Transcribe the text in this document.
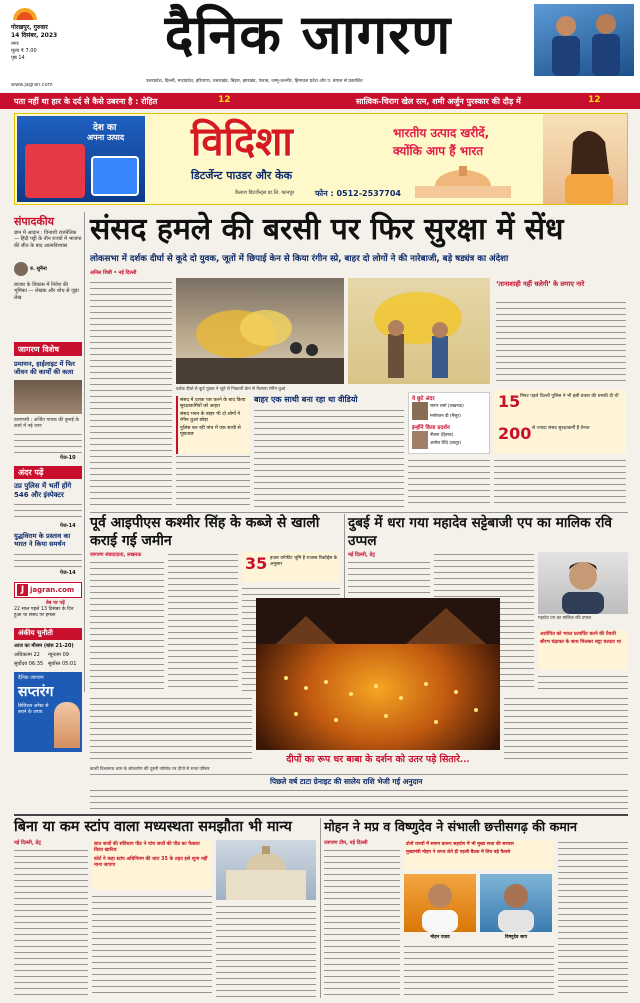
गोरखपुर, गुरुवार
14 दिसंबर, 2023
नगर
मूल्य ₹ 7.00
पृष्ठ 14	दैनिक जागरण
www.jagran.com
उत्तरप्रदेश, दिल्ली, मध्यप्रदेश, हरियाणा, उत्तराखंड, बिहार, झारखंड, पंजाब, जम्मू-कश्मीर, हिमाचल प्रदेश और प. बंगाल से प्रकाशित
पता नहीं था हार के दर्द से कैसे उबरना है : रोहित	12	सात्विक-चिराग खेल रत्न, शमी अर्जुन पुरस्कार की दौड़ में	12
देश का
अपना उत्पाद विदिशा
डिटर्जेन्ट पाउडर और केक
कैलाश डिटर्जेन्ट्स प्रा.लि. कानपुर	फोन : 0512-2537704
भारतीय उत्पाद खरीदें,
क्योंकि आप हैं भारत
संपादकीय
ज्ञान में आदान : विनाशी राजनैतिक — हिंदी पट्टी के तीन राज्यों में भाजपा की जीत के बाद आत्मविश्वास
रु. सुनैना
बाजार के विकास में निवेश की भूमिका — लेखक और शोध से जुड़ा लेख
जागरण विशेष
प्रमाणन, हाईलाइट में फिर जीवन की कार्यों की कला
वाराणसी : अर्जित गायक की बुनाई के कार्य में नई जान
पेज-10
अंदर पढ़ें
उप्र पुलिस में भर्ती होंगे 546 और इंस्पेक्टर
पेज-14
युद्धविराम के प्रस्ताव का भारत ने किया समर्थन
पेज-14
J jagran.com
वेब पर पढ़ें
22 साल पहले 13 दिसंबर के दिन हुआ था संसद पर हमला
अंकीय चुनौती
आज का मौसम (बांस 21-20)
अधिकतम 22 न्यूनतम 09
सूर्योदय 06:35 सूर्यास्त 05:01
दैनिक जागरण
सप्तरंग
डिजिटल अरेस्ट से बचने के उपाय
संसद हमले की बरसी पर फिर सुरक्षा में सेंध
लोकसभा में दर्शक दीर्घा से कूदे दो युवक, जूतों में छिपाई केन से किया रंगीन स्प्रे, बाहर दो लोगों ने की नारेबाजी, बड़े षड्यंत्र का अंदेशा
अनिल शिबी • नई दिल्ली
दर्शक दीर्घा से कूदे युवक ने जूते से निकाली केन से फैलाया रंगीन धुआं
‘तानाशाही नहीं चलेगी’ के लगाए नारे
संसद में दशक पार करने के बाद किया सुरक्षाकर्मियों को आहत
संसद भवन के बाहर भी दो लोगों ने रंगीन धुआं छोड़ा
पुलिस कर रही पांच में एक साथी से पूछताछ
बाहर एक साथी बना रहा था वीडियो	ये छूटे अंदर
सागर शर्मा (लखनऊ)
मनोरंजन डी (मैसूर)
इन्होंने किया प्रदर्शन
नीलम (हिसार)
अमोल शिंदे (लातूर)
15 मिनट पहले दिल्ली पुलिस ने भी इसी प्रकार की धमकी दी थी
200 से ज्यादा संसद सुरक्षाकर्मी हैं तैनात
पूर्व आइपीएस कश्मीर सिंह के कब्जे से खाली कराई गई जमीन
जागरण संवाददाता, लखनऊ	35 हजार वर्गफीट भूमि है राजस्व रिकॉर्ड्स के अनुसार
दुबई में धरा गया महादेव सट्टेबाजी एप का मालिक रवि उप्पल
नई दिल्ली, प्रेट्र
महादेव एप का मालिक रवि उप्पल
आरोपित को भारत प्रत्यर्पित करने की तैयारी
सौरभ चंद्राकर के साथ मिलकर सट्टा चलाता था
दीपों का रूप धर बाबा के दर्शन को उतर पड़े सितारे...
काशी विश्वनाथ धाम के लोकार्पण की दूसरी वर्षगांठ पर दीपों से सजा परिसर
पिछले वर्ष टाटा ग्रेनाइट की सालेय राशि भेजी गई अनुदान
बिना या कम स्टांप वाला मध्यस्थता समझौता भी मान्य
नई दिल्ली, प्रेट्र	सात जजों की संविधान पीठ ने पांच जजों की पीठ का फैसला किया खारिज
कोर्ट ने कहा स्टांप अधिनियम की धारा 35 के तहत इसे शून्य नहीं माना जाएगा
मोहन ने मप्र व विष्णुदेव ने संभाली छत्तीसगढ़ की कमान
जागरण टीम, नई दिल्ली	दोनों राज्यों में समान प्रारूप सहयोग में भी मुख्य सत्ता की सरकार
मुख्यमंत्री मोहन ने शपथ लेते ही पहली बैठक में लिए बड़े फैसले
मोहन यादव	विष्णुदेव साय
